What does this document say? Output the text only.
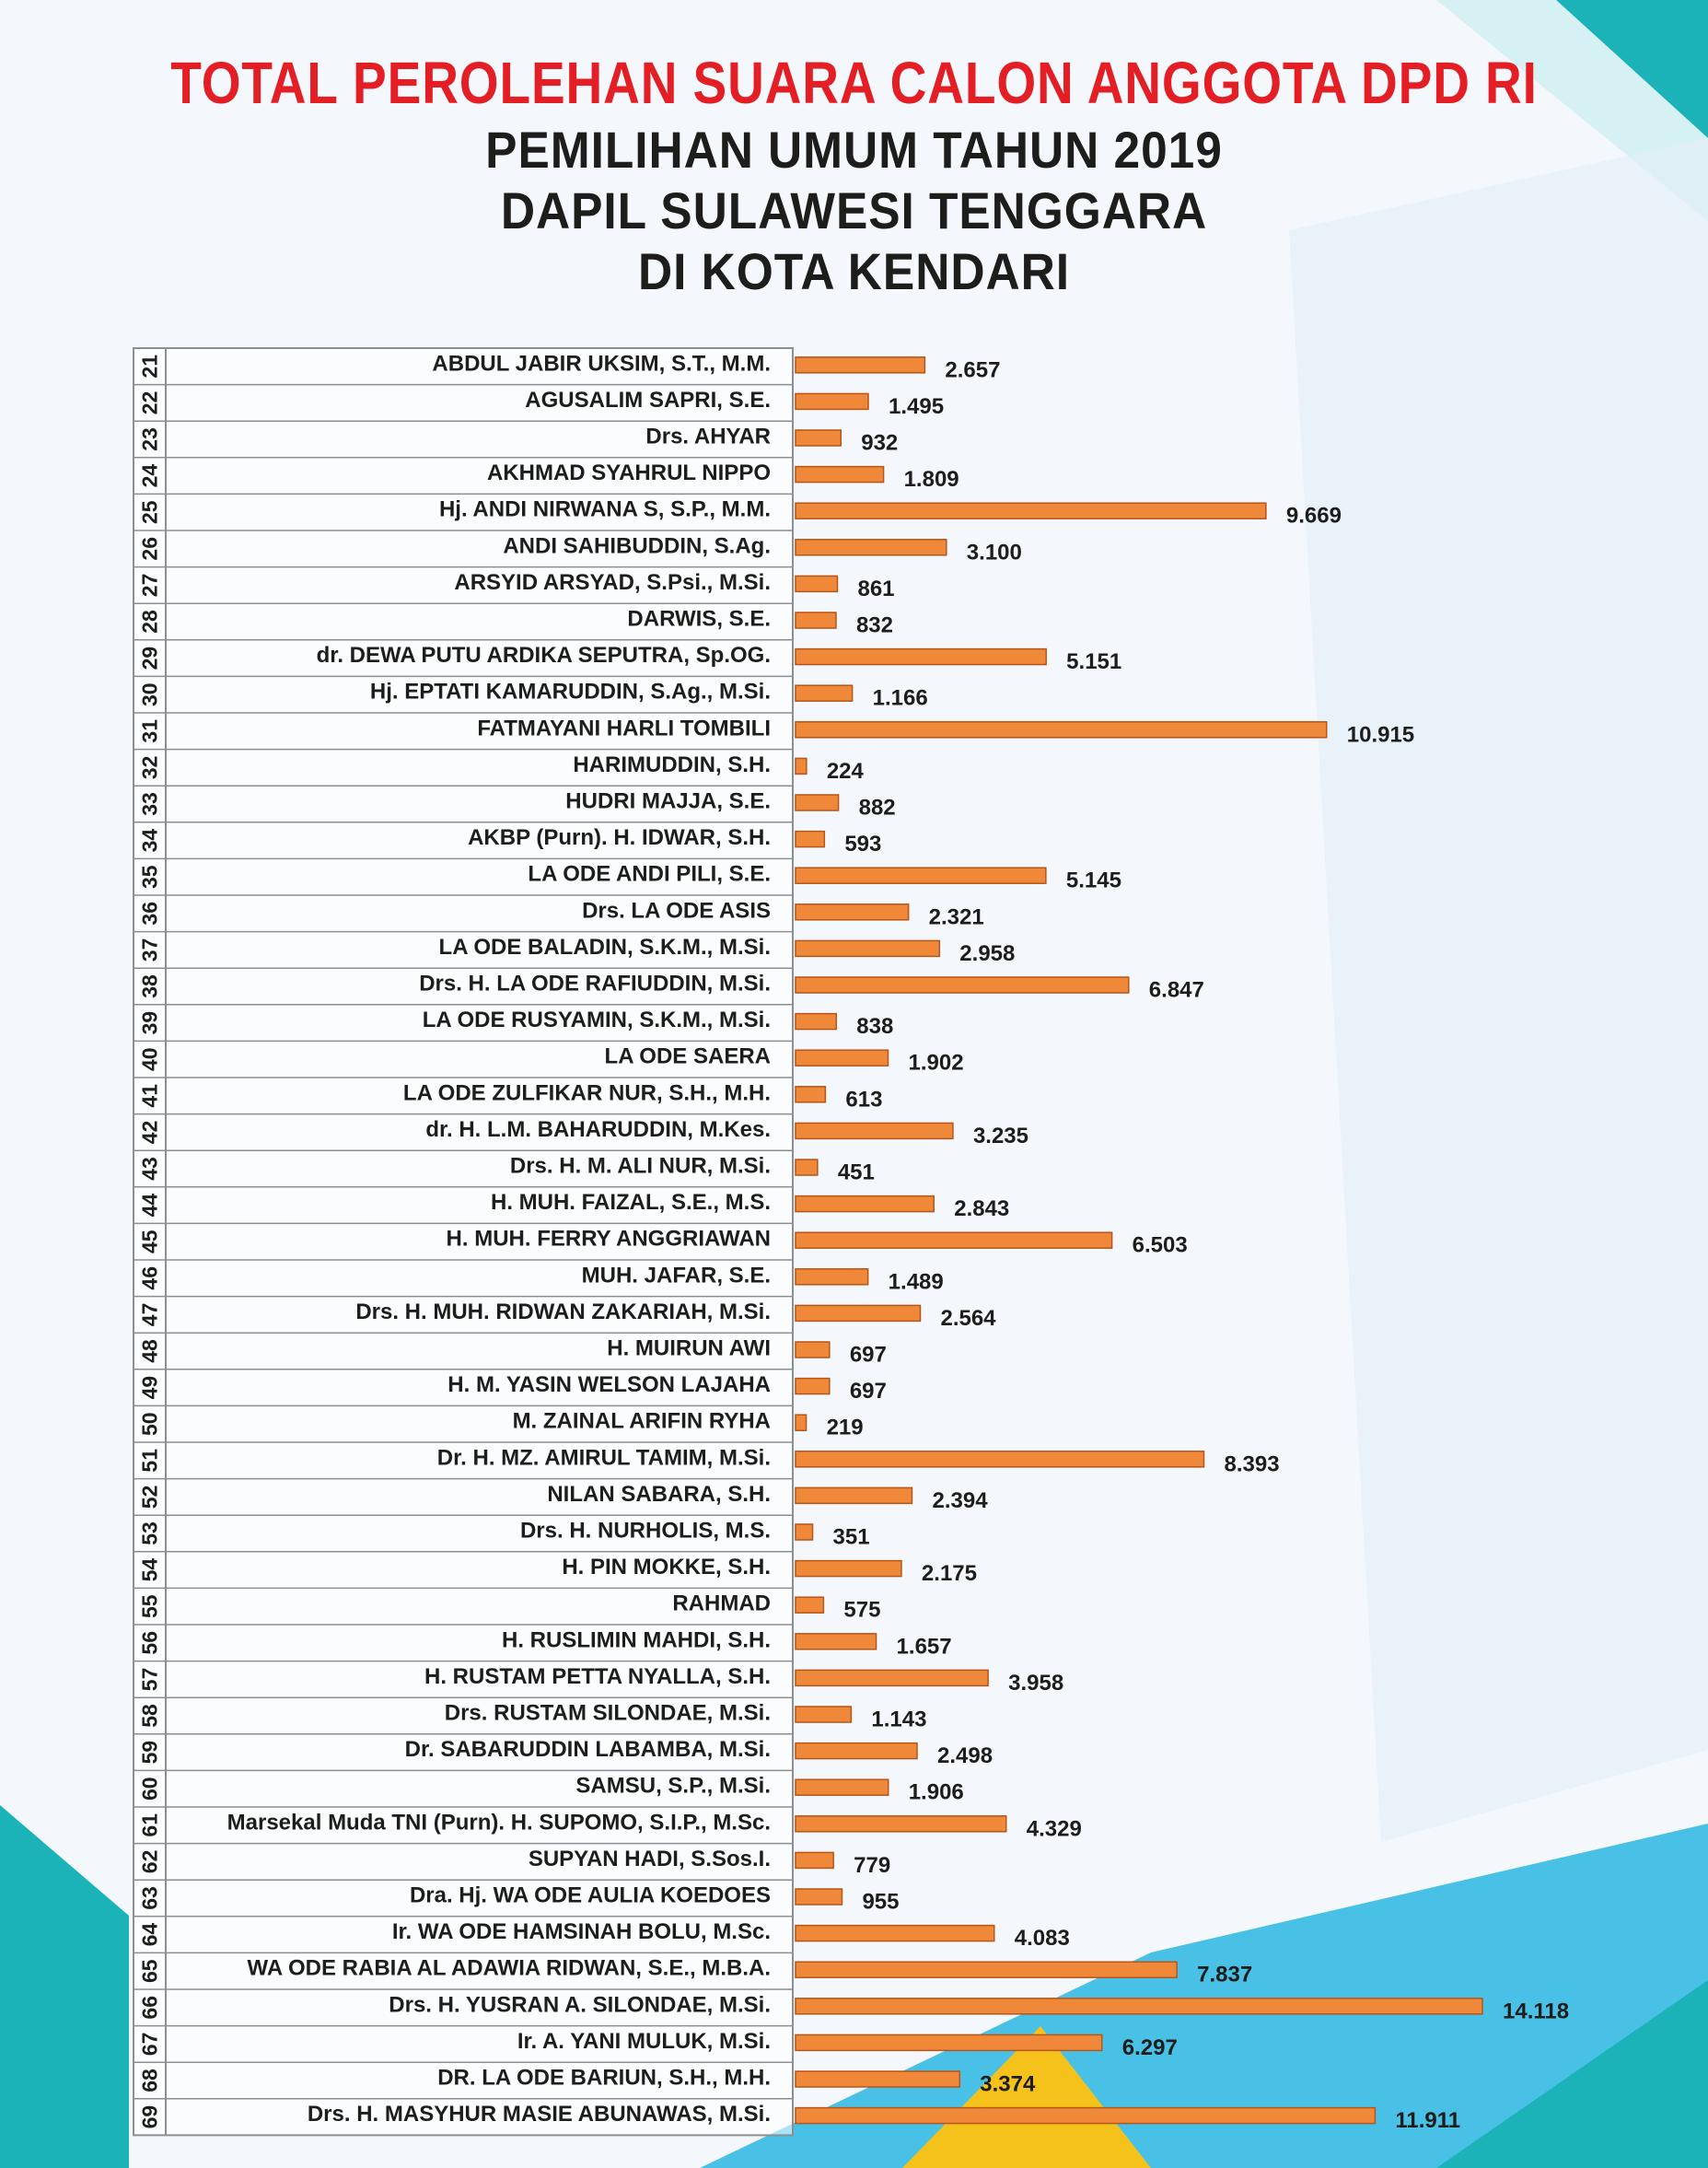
TOTAL PEROLEHAN SUARA CALON ANGGOTA DPD RI
PEMILIHAN UMUM TAHUN 2019
DAPIL SULAWESI TENGGARA
DI KOTA KENDARI
21	ABDUL JABIR UKSIM, S.T., M.M.	2.657
22	AGUSALIM SAPRI, S.E.	1.495
23	Drs. AHYAR	932
24	AKHMAD SYAHRUL NIPPO	1.809
25	Hj. ANDI NIRWANA S, S.P., M.M.	9.669
26	ANDI SAHIBUDDIN, S.Ag.	3.100
27	ARSYID ARSYAD, S.Psi., M.Si.	861
28	DARWIS, S.E.	832
29	dr. DEWA PUTU ARDIKA SEPUTRA, Sp.OG.	5.151
30	Hj. EPTATI KAMARUDDIN, S.Ag., M.Si.	1.166
31	FATMAYANI HARLI TOMBILI	10.915
32	HARIMUDDIN, S.H.	224
33	HUDRI MAJJA, S.E.	882
34	AKBP (Purn). H. IDWAR, S.H.	593
35	LA ODE ANDI PILI, S.E.	5.145
36	Drs. LA ODE ASIS	2.321
37	LA ODE BALADIN, S.K.M., M.Si.	2.958
38	Drs. H. LA ODE RAFIUDDIN, M.Si.	6.847
39	LA ODE RUSYAMIN, S.K.M., M.Si.	838
40	LA ODE SAERA	1.902
41	LA ODE ZULFIKAR NUR, S.H., M.H.	613
42	dr. H. L.M. BAHARUDDIN, M.Kes.	3.235
43	Drs. H. M. ALI NUR, M.Si.	451
44	H. MUH. FAIZAL, S.E., M.S.	2.843
45	H. MUH. FERRY ANGGRIAWAN	6.503
46	MUH. JAFAR, S.E.	1.489
47	Drs. H. MUH. RIDWAN ZAKARIAH, M.Si.	2.564
48	H. MUIRUN AWI	697
49	H. M. YASIN WELSON LAJAHA	697
50	M. ZAINAL ARIFIN RYHA	219
51	Dr. H. MZ. AMIRUL TAMIM, M.Si.	8.393
52	NILAN SABARA, S.H.	2.394
53	Drs. H. NURHOLIS, M.S.	351
54	H. PIN MOKKE, S.H.	2.175
55	RAHMAD	575
56	H. RUSLIMIN MAHDI, S.H.	1.657
57	H. RUSTAM PETTA NYALLA, S.H.	3.958
58	Drs. RUSTAM SILONDAE, M.Si.	1.143
59	Dr. SABARUDDIN LABAMBA, M.Si.	2.498
60	SAMSU, S.P., M.Si.	1.906
61	Marsekal Muda TNI (Purn). H. SUPOMO, S.I.P., M.Sc.	4.329
62	SUPYAN HADI, S.Sos.I.	779
63	Dra. Hj. WA ODE AULIA KOEDOES	955
64	Ir. WA ODE HAMSINAH BOLU, M.Sc.	4.083
65	WA ODE RABIA AL ADAWIA RIDWAN, S.E., M.B.A.	7.837
66	Drs. H. YUSRAN A. SILONDAE, M.Si.	14.118
67	Ir. A. YANI MULUK, M.Si.	6.297
68	DR. LA ODE BARIUN, S.H., M.H.	3.374
69	Drs. H. MASYHUR MASIE ABUNAWAS, M.Si.	11.911
